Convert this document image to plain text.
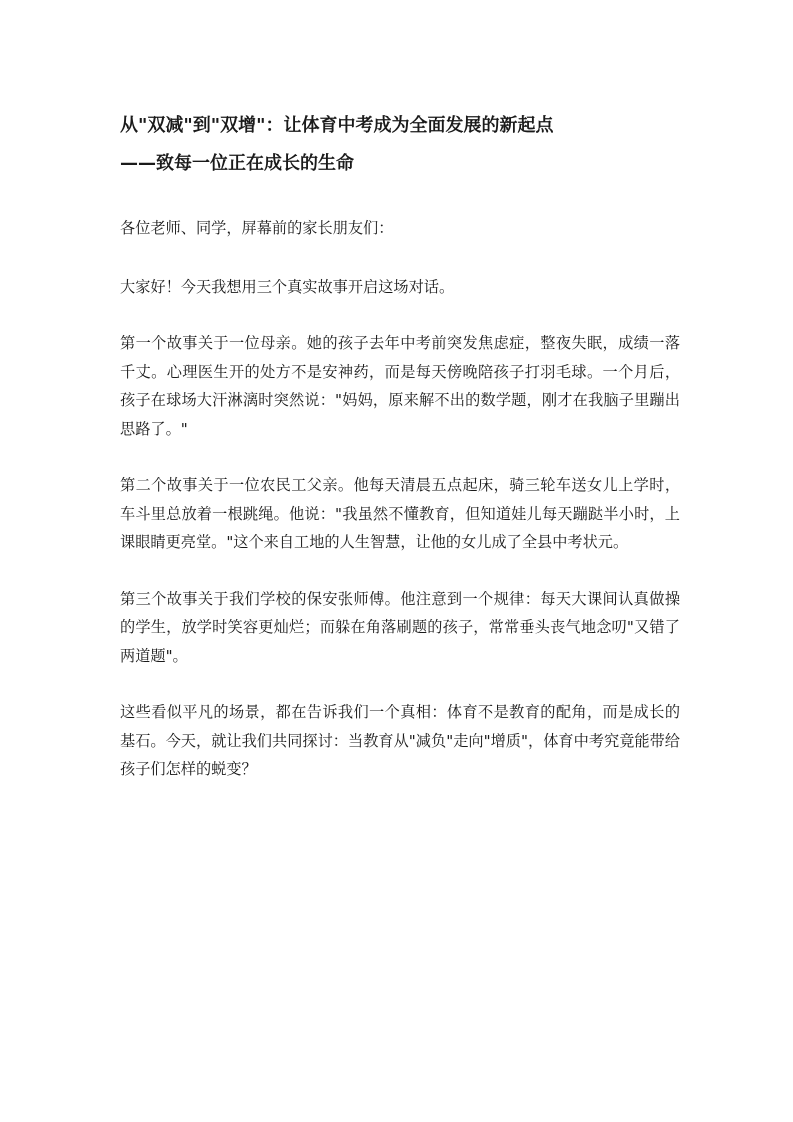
从"双减"到"双增"：让体育中考成为全面发展的新起点
——致每一位正在成长的生命

各位老师、同学，屏幕前的家长朋友们：

大家好！今天我想用三个真实故事开启这场对话。

第一个故事关于一位母亲。她的孩子去年中考前突发焦虑症，整夜失眠，成绩一落千丈。心理医生开的处方不是安神药，而是每天傍晚陪孩子打羽毛球。一个月后，孩子在球场大汗淋漓时突然说："妈妈，原来解不出的数学题，刚才在我脑子里蹦出思路了。"

第二个故事关于一位农民工父亲。他每天清晨五点起床，骑三轮车送女儿上学时，车斗里总放着一根跳绳。他说："我虽然不懂教育，但知道娃儿每天蹦跶半小时，上课眼睛更亮堂。"这个来自工地的人生智慧，让他的女儿成了全县中考状元。

第三个故事关于我们学校的保安张师傅。他注意到一个规律：每天大课间认真做操的学生，放学时笑容更灿烂；而躲在角落刷题的孩子，常常垂头丧气地念叨"又错了两道题"。

这些看似平凡的场景，都在告诉我们一个真相：体育不是教育的配角，而是成长的基石。今天，就让我们共同探讨：当教育从"减负"走向"增质"，体育中考究竟能带给孩子们怎样的蜕变？
